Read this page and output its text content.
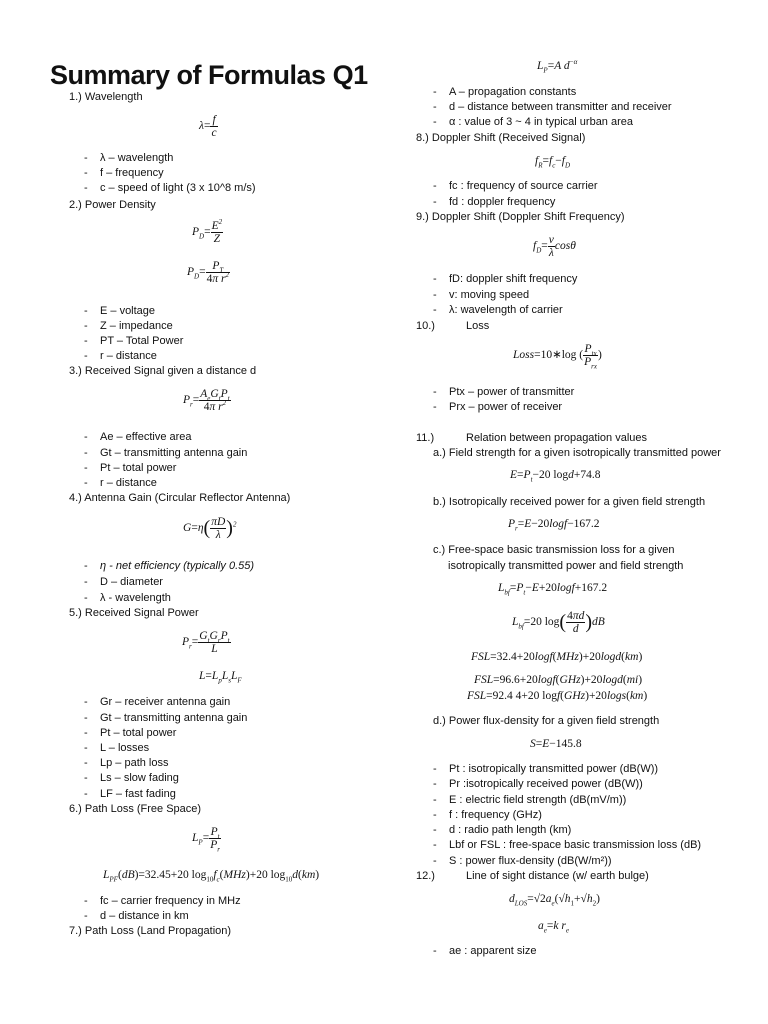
Summary of Formulas Q1
1.) Wavelength
$\lambda= \frac{f}{c}$
- λ – wavelength
- f – frequency
- c – speed of light (3 x 10^8 m/s)
2.) Power Density
$P_D= \frac{E^2}{Z}$
$P_D= \frac{P_T}{4\pi r^2}$
- E – voltage
- Z – impedance
- PT – Total Power
- r – distance
3.) Received Signal given a distance d
$P_r= \frac{A_eG_tP_t}{4\pi r^2}$
- Ae – effective area
- Gt – transmitting antenna gain
- Pt – total power
- r – distance
4.) Antenna Gain (Circular Reflector Antenna)
$G=\eta( \frac{\pi D}{\lambda} )^2$
- η - net efficiency (typically 0.55)
- D – diameter
- λ - wavelength
5.) Received Signal Power
$P_r= \frac{G_tG_rP_t}{L}$
$L=L_pL_sL_F$
- Gr – receiver antenna gain
- Gt – transmitting antenna gain
- Pt – total power
- L – losses
- Lp – path loss
- Ls – slow fading
- LF – fast fading
6.) Path Loss (Free Space)
$L_P= \frac{P_t}{P_r}$
$L_{PF}(dB)=32.45+20$ $\log_{10}f_c(MHz)+20$ $\log_{10}d(km)$
- fc – carrier frequency in MHz
- d – distance in km
7.) Path Loss (Land Propagation)
$L_P=A$ $d^{-\alpha}$
- A – propagation constants
- d – distance between transmitter and receiver
- α : value of 3 ~ 4 in typical urban area
8.) Doppler Shift (Received Signal)
$f_R=f_c-f_D$
- fc : frequency of source carrier
- fd : doppler frequency
9.) Doppler Shift (Doppler Shift Frequency)
$f_D= \frac{v}{\lambda}$ cosθ
- fD: doppler shift frequency
- v: moving speed
- λ: wavelength of carrier
10.)	Loss
Loss=10∗log ( $\frac{P_{tx}}{P_{rx}}$ )
- Ptx – power of transmitter
- Prx – power of receiver
11.)	Relation between propagation values
a.) Field strength for a given isotropically transmitted power
$E=P_t-20$ logd+74.8
b.) Isotropically received power for a given field strength
$P_r=E-20\log f-167.2$
c.) Free-space basic transmission loss for a given
isotropically transmitted power and field strength
$L_{bf}=P_t-E+20\log f+167.2$
$L_{bf}=20$ $\log( \frac{4\pi d}{d} )dB$
FSL=32.4+20logf(MHz)+20logd(km)
FSL=96.6+20logf(GHz)+20logd(mi)
FSL=92.4 4+20 logf(GHz)+20logs(km)
d.) Power flux-density for a given field strength
S=E−145.8
- Pt : isotropically transmitted power (dB(W))
- Pr :isotropically received power (dB(W))
- E : electric field strength (dB(mV/m))
- f : frequency (GHz)
- d : radio path length (km)
- Lbf or FSL : free-space basic transmission loss (dB)
- S : power flux-density (dB(W/m²))
12.)	Line of sight distance (w/ earth bulge)
$d_{LOS}=√2a_e(√h_1+√h_2)$
$a_e=k$ $r_e$
- ae : apparent size
